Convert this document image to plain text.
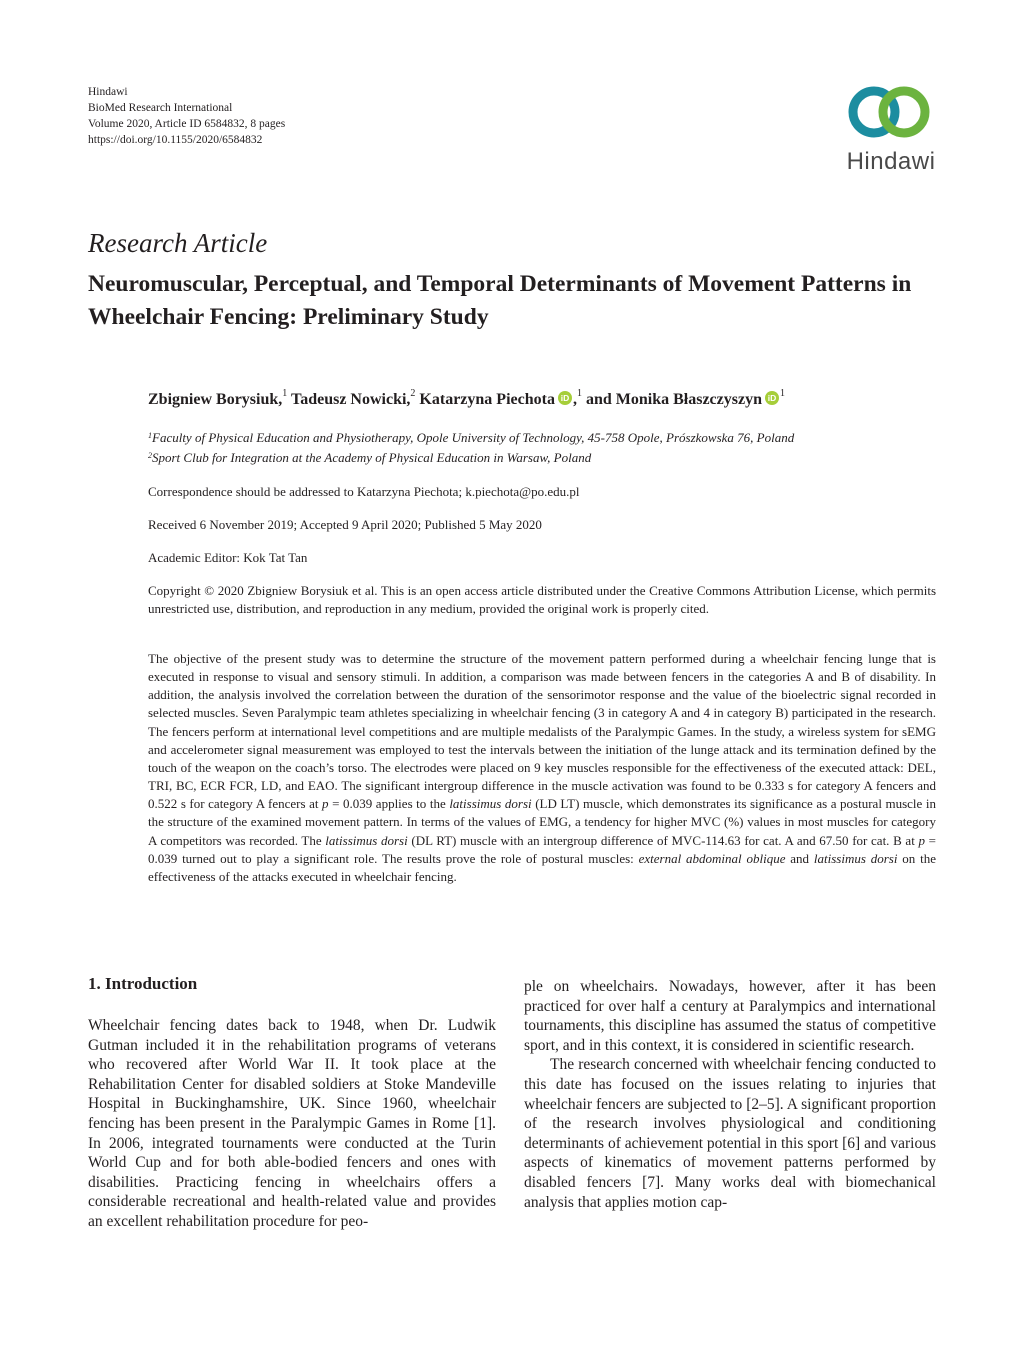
Hindawi
BioMed Research International
Volume 2020, Article ID 6584832, 8 pages
https://doi.org/10.1155/2020/6584832
Hindawi
Research Article
Neuromuscular, Perceptual, and Temporal Determinants of Movement Patterns in Wheelchair Fencing: Preliminary Study
Zbigniew Borysiuk,$^1$ Tadeusz Nowicki,$^2$ Katarzyna Piechota iD ,$^1$ and Monika Błaszczyszyn iD $^1$
$^1$Faculty of Physical Education and Physiotherapy, Opole University of Technology, 45-758 Opole, Prószkowska 76, Poland
$^2$Sport Club for Integration at the Academy of Physical Education in Warsaw, Poland
Correspondence should be addressed to Katarzyna Piechota; k.piechota@po.edu.pl
Received 6 November 2019; Accepted 9 April 2020; Published 5 May 2020
Academic Editor: Kok Tat Tan
Copyright © 2020 Zbigniew Borysiuk et al. This is an open access article distributed under the Creative Commons Attribution License, which permits unrestricted use, distribution, and reproduction in any medium, provided the original work is properly cited.
The objective of the present study was to determine the structure of the movement pattern performed during a wheelchair fencing lunge that is executed in response to visual and sensory stimuli. In addition, a comparison was made between fencers in the categories A and B of disability. In addition, the analysis involved the correlation between the duration of the sensorimotor response and the value of the bioelectric signal recorded in selected muscles. Seven Paralympic team athletes specializing in wheelchair fencing (3 in category A and 4 in category B) participated in the research. The fencers perform at international level competitions and are multiple medalists of the Paralympic Games. In the study, a wireless system for sEMG and accelerometer signal measurement was employed to test the intervals between the initiation of the lunge attack and its termination defined by the touch of the weapon on the coach’s torso. The electrodes were placed on 9 key muscles responsible for the effectiveness of the executed attack: DEL, TRI, BC, ECR FCR, LD, and EAO. The significant intergroup difference in the muscle activation was found to be 0.333 s for category A fencers and 0.522 s for category A fencers at p = 0.039 applies to the latissimus dorsi (LD LT) muscle, which demonstrates its significance as a postural muscle in the structure of the examined movement pattern. In terms of the values of EMG, a tendency for higher MVC (%) values in most muscles for category A competitors was recorded. The latissimus dorsi (DL RT) muscle with an intergroup difference of MVC-114.63 for cat. A and 67.50 for cat. B at p = 0.039 turned out to play a significant role. The results prove the role of postural muscles: external abdominal oblique and latissimus dorsi on the effectiveness of the attacks executed in wheelchair fencing.
1. Introduction

Wheelchair fencing dates back to 1948, when Dr. Ludwik Gutman included it in the rehabilitation programs of veterans who recovered after World War II. It took place at the Rehabilitation Center for disabled soldiers at Stoke Mandeville Hospital in Buckinghamshire, UK. Since 1960, wheelchair fencing has been present in the Paralympic Games in Rome [1]. In 2006, integrated tournaments were conducted at the Turin World Cup and for both able-bodied fencers and ones with disabilities. Practicing fencing in wheelchairs offers a considerable recreational and health-related value and provides an excellent rehabilitation procedure for peo-

ple on wheelchairs. Nowadays, however, after it has been practiced for over half a century at Paralympics and international tournaments, this discipline has assumed the status of competitive sport, and in this context, it is considered in scientific research.

The research concerned with wheelchair fencing conducted to this date has focused on the issues relating to injuries that wheelchair fencers are subjected to [2–5]. A significant proportion of the research involves physiological and conditioning determinants of achievement potential in this sport [6] and various aspects of kinematics of movement patterns performed by disabled fencers [7]. Many works deal with biomechanical analysis that applies motion cap-
